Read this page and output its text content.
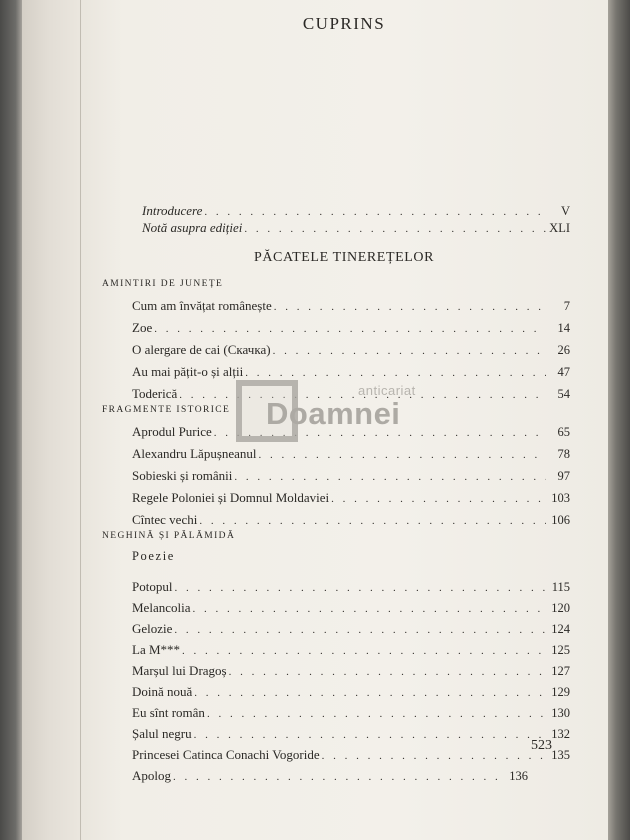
CUPRINS
Introducere . . .	V
Notă asupra ediției . . .	XLI
PĂCATELE TINEREȚELOR
AMINTIRI DE JUNEȚE
Cum am învățat românește . . .	7
Zoe . . .	14
O alergare de cai (Скачка) . . .	26
Au mai pățit-o și alții . . .	47
Toderică . . .	54
FRAGMENTE ISTORICE
Aprodul Purice . . .	65
Alexandru Lăpușneanul . . .	78
Sobieski și românii . . .	97
Regele Poloniei și Domnul Moldaviei . . .	103
Cîntec vechi . . .	106
NEGHINĂ ȘI PĂLĂMIDĂ
Poezie
Potopul . . .	115
Melancolia . . .	120
Gelozie . . .	124
La M*** . . .	125
Marșul lui Dragoș . . .	127
Doină nouă . . .	129
Eu sînt român . . .	130
Șalul negru . . .	132
Princesei Catinca Conachi Vogoride . . .	135
Apolog . . .	136
523
anticariat
Doamnei
